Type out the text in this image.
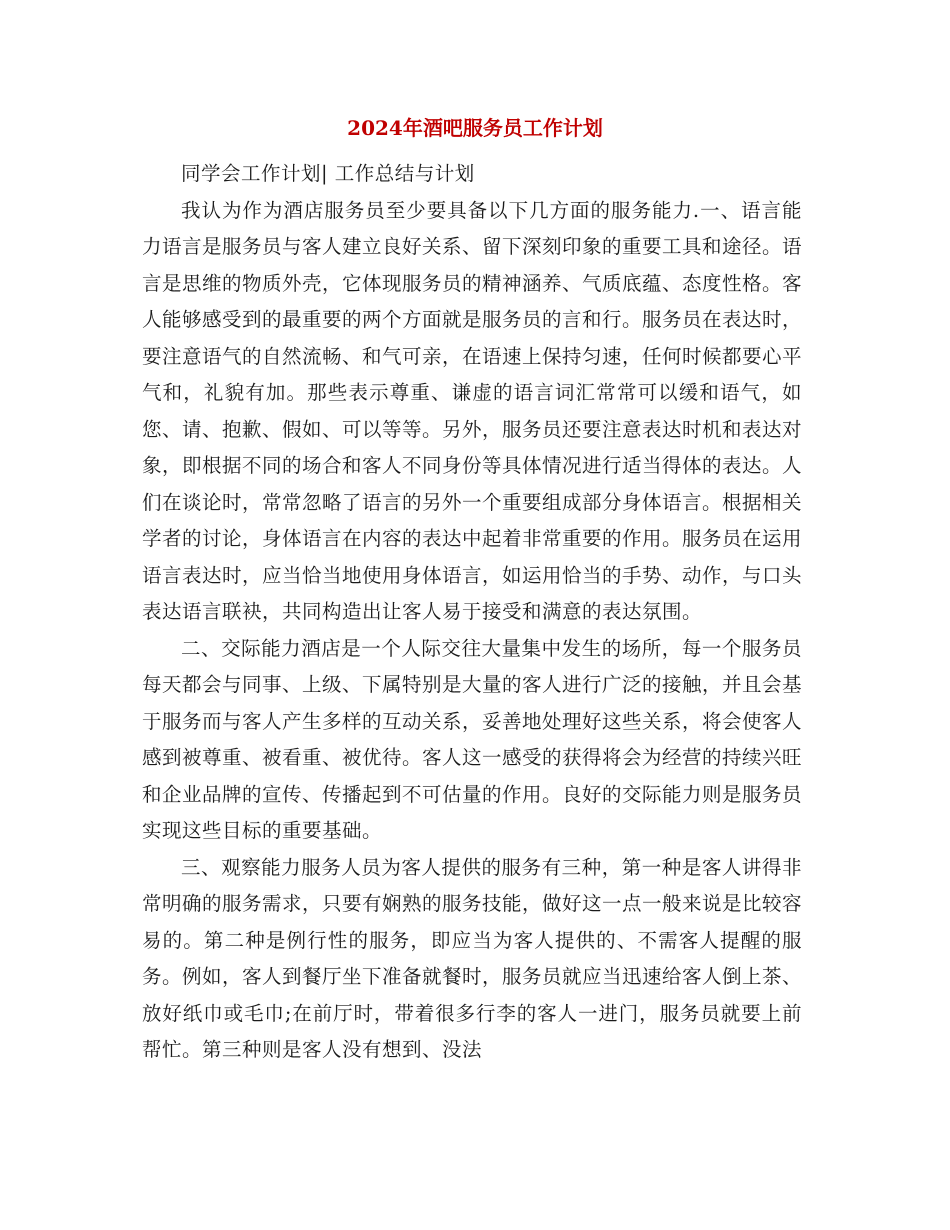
2024年酒吧服务员工作计划

同学会工作计划| 工作总结与计划

我认为作为酒店服务员至少要具备以下几方面的服务能力.一、语言能力语言是服务员与客人建立良好关系、留下深刻印象的重要工具和途径。语言是思维的物质外壳，它体现服务员的精神涵养、气质底蕴、态度性格。客人能够感受到的最重要的两个方面就是服务员的言和行。服务员在表达时，要注意语气的自然流畅、和气可亲，在语速上保持匀速，任何时候都要心平气和，礼貌有加。那些表示尊重、谦虚的语言词汇常常可以缓和语气，如您、请、抱歉、假如、可以等等。另外，服务员还要注意表达时机和表达对象，即根据不同的场合和客人不同身份等具体情况进行适当得体的表达。人们在谈论时，常常忽略了语言的另外一个重要组成部分身体语言。根据相关学者的讨论，身体语言在内容的表达中起着非常重要的作用。服务员在运用语言表达时，应当恰当地使用身体语言，如运用恰当的手势、动作，与口头表达语言联袂，共同构造出让客人易于接受和满意的表达氛围。

二、交际能力酒店是一个人际交往大量集中发生的场所，每一个服务员每天都会与同事、上级、下属特别是大量的客人进行广泛的接触，并且会基于服务而与客人产生多样的互动关系，妥善地处理好这些关系，将会使客人感到被尊重、被看重、被优待。客人这一感受的获得将会为经营的持续兴旺和企业品牌的宣传、传播起到不可估量的作用。良好的交际能力则是服务员实现这些目标的重要基础。

三、观察能力服务人员为客人提供的服务有三种，第一种是客人讲得非常明确的服务需求，只要有娴熟的服务技能，做好这一点一般来说是比较容易的。第二种是例行性的服务，即应当为客人提供的、不需客人提醒的服务。例如，客人到餐厅坐下准备就餐时，服务员就应当迅速给客人倒上茶、放好纸巾或毛巾;在前厅时，带着很多行李的客人一进门，服务员就要上前帮忙。第三种则是客人没有想到、没法
